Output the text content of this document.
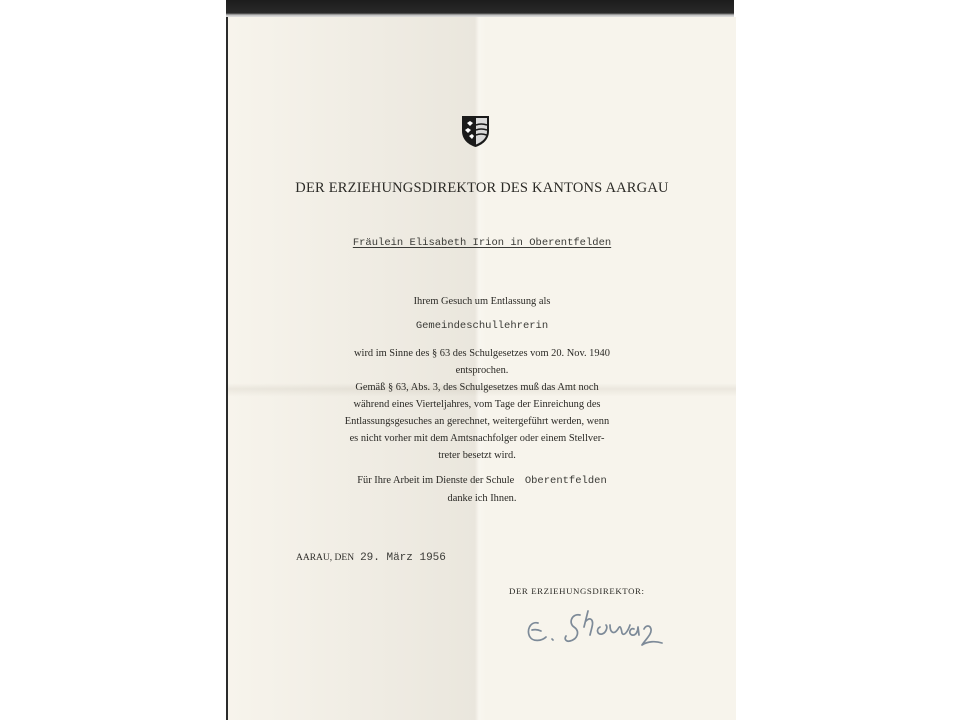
DER ERZIEHUNGSDIREKTOR DES KANTONS AARGAU
Fräulein Elisabeth Irion in Oberentfelden
Ihrem Gesuch um Entlassung als
Gemeindeschullehrerin
wird im Sinne des § 63 des Schulgesetzes vom 20. Nov. 1940
entsprochen.
Gemäß § 63, Abs. 3, des Schulgesetzes muß das Amt noch
während eines Vierteljahres, vom Tage der Einreichung des
Entlassungsgesuches an gerechnet, weitergeführt werden, wenn
es nicht vorher mit dem Amtsnachfolger oder einem Stellver-
treter besetzt wird.
Für Ihre Arbeit im Dienste der Schule Oberentfelden
danke ich Ihnen.
AARAU, DEN 29. März 1956
DER ERZIEHUNGSDIREKTOR:
